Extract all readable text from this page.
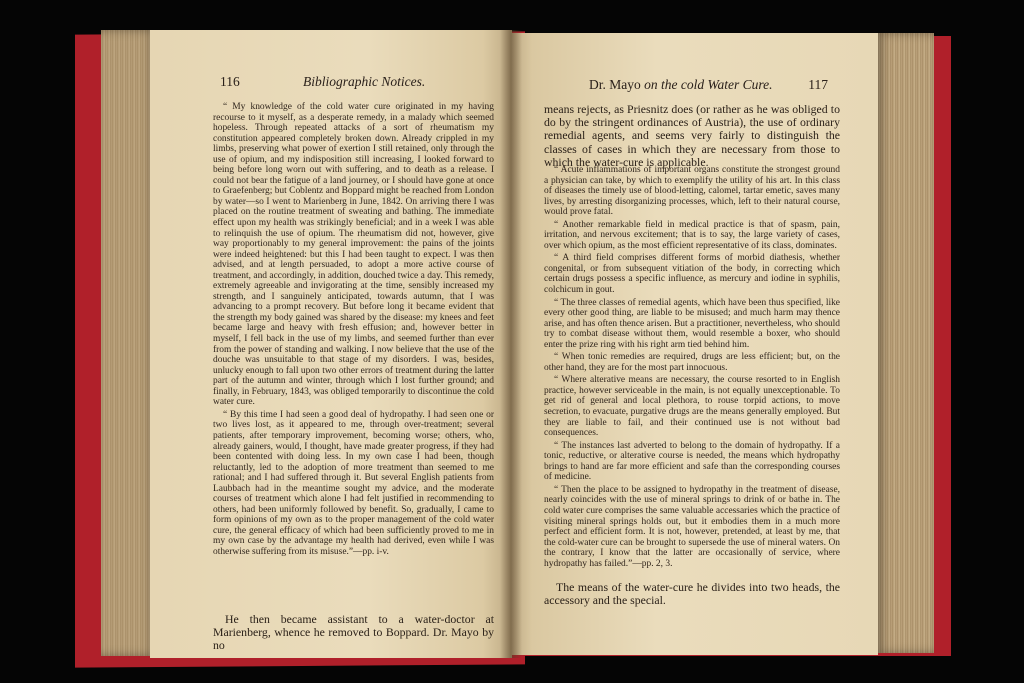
116	Bibliographic Notices.

“ My knowledge of the cold water cure originated in my having recourse to it myself, as a desperate remedy, in a malady which seemed hopeless. Through repeated attacks of a sort of rheumatism my constitution appeared completely broken down. Already crippled in my limbs, preserving what power of exertion I still retained, only through the use of opium, and my indisposition still increasing, I looked forward to being before long worn out with suffering, and to death as a release. I could not bear the fatigue of a land journey, or I should have gone at once to Graefenberg; but Coblentz and Boppard might be reached from London by water—so I went to Marienberg in June, 1842. On arriving there I was placed on the routine treatment of sweating and bathing. The immediate effect upon my health was strikingly beneficial; and in a week I was able to relinquish the use of opium. The rheumatism did not, however, give way proportionably to my general improvement: the pains of the joints were indeed heightened: but this I had been taught to expect. I was then advised, and at length persuaded, to adopt a more active course of treatment, and accordingly, in addition, douched twice a day. This remedy, extremely agreeable and invigorating at the time, sensibly increased my strength, and I sanguinely anticipated, towards autumn, that I was advancing to a prompt recovery. But before long it became evident that the strength my body gained was shared by the disease: my knees and feet became large and heavy with fresh effusion; and, however better in myself, I fell back in the use of my limbs, and seemed further than ever from the power of standing and walking. I now believe that the use of the douche was unsuitable to that stage of my disorders. I was, besides, unlucky enough to fall upon two other errors of treatment during the latter part of the autumn and winter, through which I lost further ground; and finally, in February, 1843, was obliged temporarily to discontinue the cold water cure.

“ By this time I had seen a good deal of hydropathy. I had seen one or two lives lost, as it appeared to me, through over-treatment; several patients, after temporary improvement, becoming worse; others, who, already gainers, would, I thought, have made greater progress, if they had been contented with doing less. In my own case I had been, though reluctantly, led to the adoption of more treatment than seemed to me rational; and I had suffered through it. But several English patients from Laubbach had in the meantime sought my advice, and the moderate courses of treatment which alone I had felt justified in recommending to others, had been uniformly followed by benefit. So, gradually, I came to form opinions of my own as to the proper management of the cold water cure, the general efficacy of which had been sufficiently proved to me in my own case by the advantage my health had derived, even while I was otherwise suffering from its misuse.”—pp. i-v.

He then became assistant to a water-doctor at Marienberg, whence he removed to Boppard. Dr. Mayo by no

Dr. Mayo on the cold Water Cure.	117

means rejects, as Priesnitz does (or rather as he was obliged to do by the stringent ordinances of Austria), the use of ordinary remedial agents, and seems very fairly to distinguish the classes of cases in which they are necessary from those to which the water-cure is applicable.

“ Acute inflammations of important organs constitute the strongest ground a physician can take, by which to exemplify the utility of his art. In this class of diseases the timely use of blood-letting, calomel, tartar emetic, saves many lives, by arresting disorganizing processes, which, left to their natural course, would prove fatal.

“ Another remarkable field in medical practice is that of spasm, pain, irritation, and nervous excitement; that is to say, the large variety of cases, over which opium, as the most efficient representative of its class, dominates.

“ A third field comprises different forms of morbid diathesis, whether congenital, or from subsequent vitiation of the body, in correcting which certain drugs possess a specific influence, as mercury and iodine in syphilis, colchicum in gout.

“ The three classes of remedial agents, which have been thus specified, like every other good thing, are liable to be misused; and much harm may thence arise, and has often thence arisen. But a practitioner, nevertheless, who should try to combat disease without them, would resemble a boxer, who should enter the prize ring with his right arm tied behind him.

“ When tonic remedies are required, drugs are less efficient; but, on the other hand, they are for the most part innocuous.

“ Where alterative means are necessary, the course resorted to in English practice, however serviceable in the main, is not equally unexceptionable. To get rid of general and local plethora, to rouse torpid actions, to move secretion, to evacuate, purgative drugs are the means generally employed. But they are liable to fail, and their continued use is not without bad consequences.

“ The instances last adverted to belong to the domain of hydropathy. If a tonic, reductive, or alterative course is needed, the means which hydropathy brings to hand are far more efficient and safe than the corresponding courses of medicine.

“ Then the place to be assigned to hydropathy in the treatment of disease, nearly coincides with the use of mineral springs to drink of or bathe in. The cold water cure comprises the same valuable accessaries which the practice of visiting mineral springs holds out, but it embodies them in a much more perfect and efficient form. It is not, however, pretended, at least by me, that the cold-water cure can be brought to supersede the use of mineral waters. On the contrary, I know that the latter are occasionally of service, where hydropathy has failed.”—pp. 2, 3.

The means of the water-cure he divides into two heads, the accessory and the special.
